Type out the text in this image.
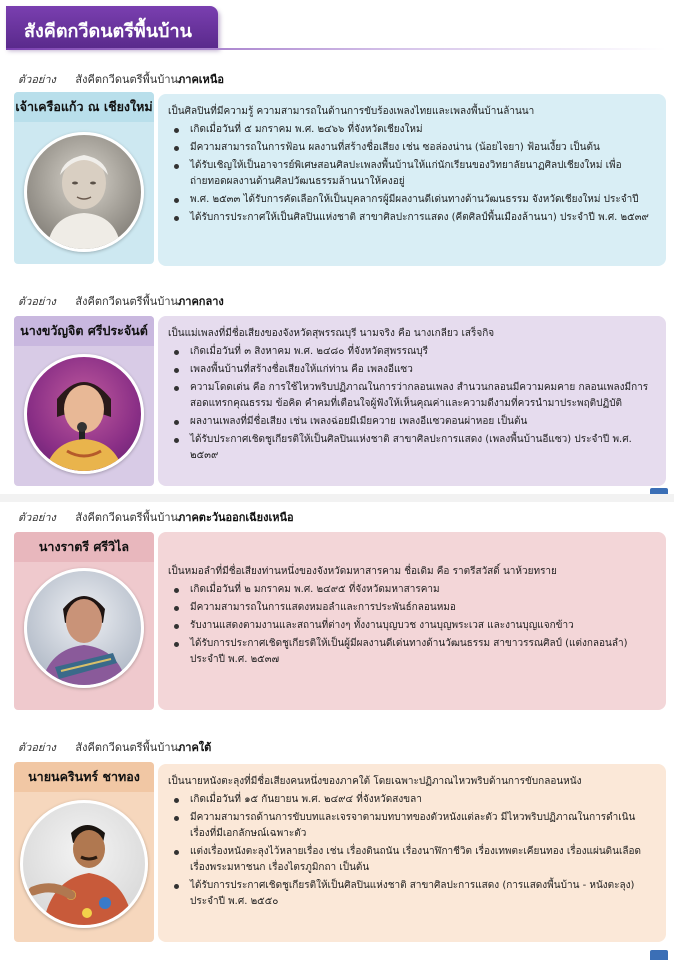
สังคีตกวีดนตรีพื้นบ้าน
ตัวอย่าง สังคีตกวีดนตรีพื้นบ้านภาคเหนือ
เจ้าเครือแก้ว ณ เชียงใหม่ เป็นศิลปินที่มีความรู้ ความสามารถในด้านการขับร้องเพลงไทยและเพลงพื้นบ้านล้านนา
เกิดเมื่อวันที่ ๕ มกราคม พ.ศ. ๒๔๖๖ ที่จังหวัดเชียงใหม่
มีความสามารถในการฟ้อน ผลงานที่สร้างชื่อเสียง เช่น ซอล่องน่าน (น้อยไจยา) ฟ้อนเงี้ยว เป็นต้น
ได้รับเชิญให้เป็นอาจารย์พิเศษสอนศิลปะเพลงพื้นบ้านให้แก่นักเรียนของวิทยาลัยนาฏศิลปเชียงใหม่ เพื่อถ่ายทอดผลงานด้านศิลปวัฒนธรรมล้านนาให้คงอยู่
พ.ศ. ๒๕๓๓ ได้รับการคัดเลือกให้เป็นบุคลากรผู้มีผลงานดีเด่นทางด้านวัฒนธรรม จังหวัดเชียงใหม่ ประจำปี
ได้รับการประกาศให้เป็นศิลปินแห่งชาติ สาขาศิลปะการแสดง (คีตศิลป์พื้นเมืองล้านนา) ประจำปี พ.ศ. ๒๕๓๙
ตัวอย่าง สังคีตกวีดนตรีพื้นบ้านภาคกลาง
นางขวัญจิต ศรีประจันต์	เป็นแม่เพลงที่มีชื่อเสียงของจังหวัดสุพรรณบุรี นามจริง คือ นางเกลียว เสร็จกิจ
เกิดเมื่อวันที่ ๓ สิงหาคม พ.ศ. ๒๔๘๐ ที่จังหวัดสุพรรณบุรี
เพลงพื้นบ้านที่สร้างชื่อเสียงให้แก่ท่าน คือ เพลงอีแซว
ความโดดเด่น คือ การใช้ไหวพริบปฏิภาณในการว่ากลอนเพลง สำนวนกลอนมีความคมคาย กลอนเพลงมีการสอดแทรกคุณธรรม ข้อคิด คำคมที่เตือนใจผู้ฟังให้เห็นคุณค่าและความดีงามที่ควรนำมาประพฤติปฏิบัติ
ผลงานเพลงที่มีชื่อเสียง เช่น เพลงฉ่อยมีเมียควาย เพลงอีแซวตอนผ่าหอย เป็นต้น
ได้รับประกาศเชิดชูเกียรติให้เป็นศิลปินแห่งชาติ สาขาศิลปะการแสดง (เพลงพื้นบ้านอีแซว) ประจำปี พ.ศ. ๒๕๓๙
ตัวอย่าง สังคีตกวีดนตรีพื้นบ้านภาคตะวันออกเฉียงเหนือ
นางราตรี ศรีวิไล
เป็นหมอลำที่มีชื่อเสียงท่านหนึ่งของจังหวัดมหาสารคาม ชื่อเดิม คือ ราตรีสวัสดิ์ นาห้วยทราย
เกิดเมื่อวันที่ ๒ มกราคม พ.ศ. ๒๔๙๕ ที่จังหวัดมหาสารคาม
มีความสามารถในการแสดงหมอลำและการประพันธ์กลอนหมอ
รับงานแสดงตามงานและสถานที่ต่างๆ ทั้งงานบุญบวช งานบุญพระเวส และงานบุญแจกข้าว
ได้รับการประกาศเชิดชูเกียรติให้เป็นผู้มีผลงานดีเด่นทางด้านวัฒนธรรม สาขาวรรณศิลป์ (แต่งกลอนลำ) ประจำปี พ.ศ. ๒๕๓๗
ตัวอย่าง สังคีตกวีดนตรีพื้นบ้านภาคใต้
นายนครินทร์ ชาทอง	เป็นนายหนังตะลุงที่มีชื่อเสียงคนหนึ่งของภาคใต้ โดยเฉพาะปฏิภาณไหวพริบด้านการขับกลอนหนัง
เกิดเมื่อวันที่ ๑๕ กันยายน พ.ศ. ๒๔๙๔ ที่จังหวัดสงขลา
มีความสามารถด้านการขับบทและเจรจาตามบทบาทของตัวหนังแต่ละตัว มีไหวพริบปฏิภาณในการดำเนินเรื่องที่มีเอกลักษณ์เฉพาะตัว
แต่งเรื่องหนังตะลุงไว้หลายเรื่อง เช่น เรื่องดินถนัน เรื่องนาฬิกาชีวิต เรื่องเทพตะเคียนทอง เรื่องแผ่นดินเลือด เรื่องพระมหาชนก เรื่องไตรภูมิกถา เป็นต้น
ได้รับการประกาศเชิดชูเกียรติให้เป็นศิลปินแห่งชาติ สาขาศิลปะการแสดง (การแสดงพื้นบ้าน - หนังตะลุง) ประจำปี พ.ศ. ๒๕๕๐
